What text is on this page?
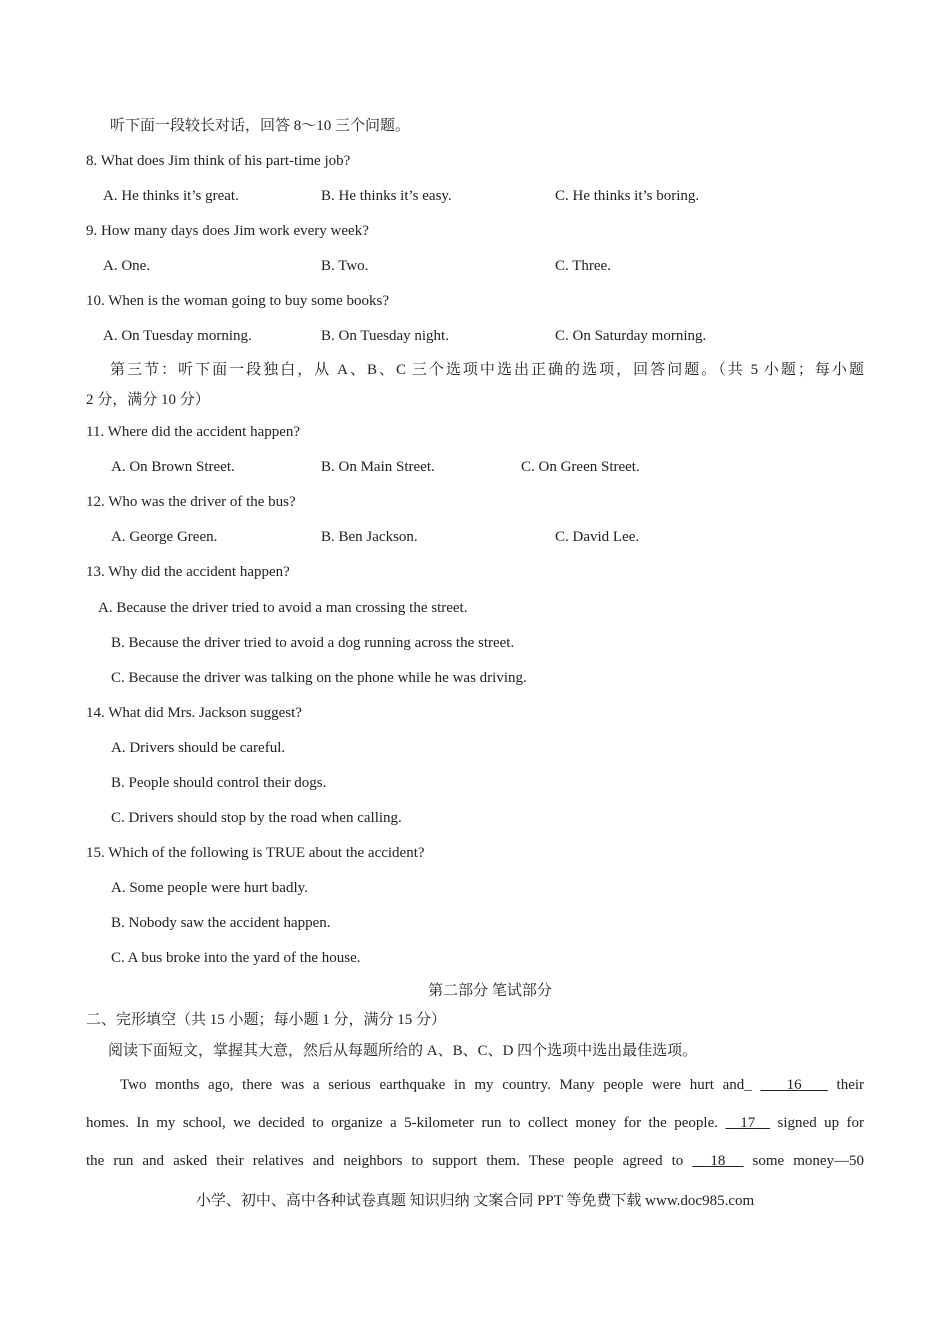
听下面一段较长对话，回答 8～10 三个问题。
8. What does Jim think of his part-time job?
A. He thinks it’s great.	B. He thinks it’s easy.	C. He thinks it’s boring.
9. How many days does Jim work every week?
A. One.	B. Two.	C. Three.
10. When is the woman going to buy some books?
A. On Tuesday morning.	B. On Tuesday night.	C. On Saturday morning.
第三节：听下面一段独白，从 A、B、C 三个选项中选出正确的选项，回答问题。（共 5 小题；每小题
2 分，满分 10 分）
11. Where did the accident happen?
A. On Brown Street.	B. On Main Street.	C. On Green Street.
12. Who was the driver of the bus?
A. George Green.	B. Ben Jackson.	C. David Lee.
13. Why did the accident happen?
A. Because the driver tried to avoid a man crossing the street.
B. Because the driver tried to avoid a dog running across the street.
C. Because the driver was talking on the phone while he was driving.
14. What did Mrs. Jackson suggest?
A. Drivers should be careful.
B. People should control their dogs.
C. Drivers should stop by the road when calling.
15. Which of the following is TRUE about the accident?
A. Some people were hurt badly.
B. Nobody saw the accident happen.
C. A bus broke into the yard of the house.
第二部分 笔试部分
二、完形填空（共 15 小题；每小题 1 分，满分 15 分）
阅读下面短文，掌握其大意，然后从每题所给的 A、B、C、D 四个选项中选出最佳选项。
Two months ago, there was a serious earthquake in my country. Many people were hurt and_ 16 their
homes. In my school, we decided to organize a 5-kilometer run to collect money for the people. 17 signed up for
the run and asked their relatives and neighbors to support them. These people agreed to 18 some money—50
小学、初中、高中各种试卷真题 知识归纳 文案合同 PPT 等免费下载 www.doc985.com
